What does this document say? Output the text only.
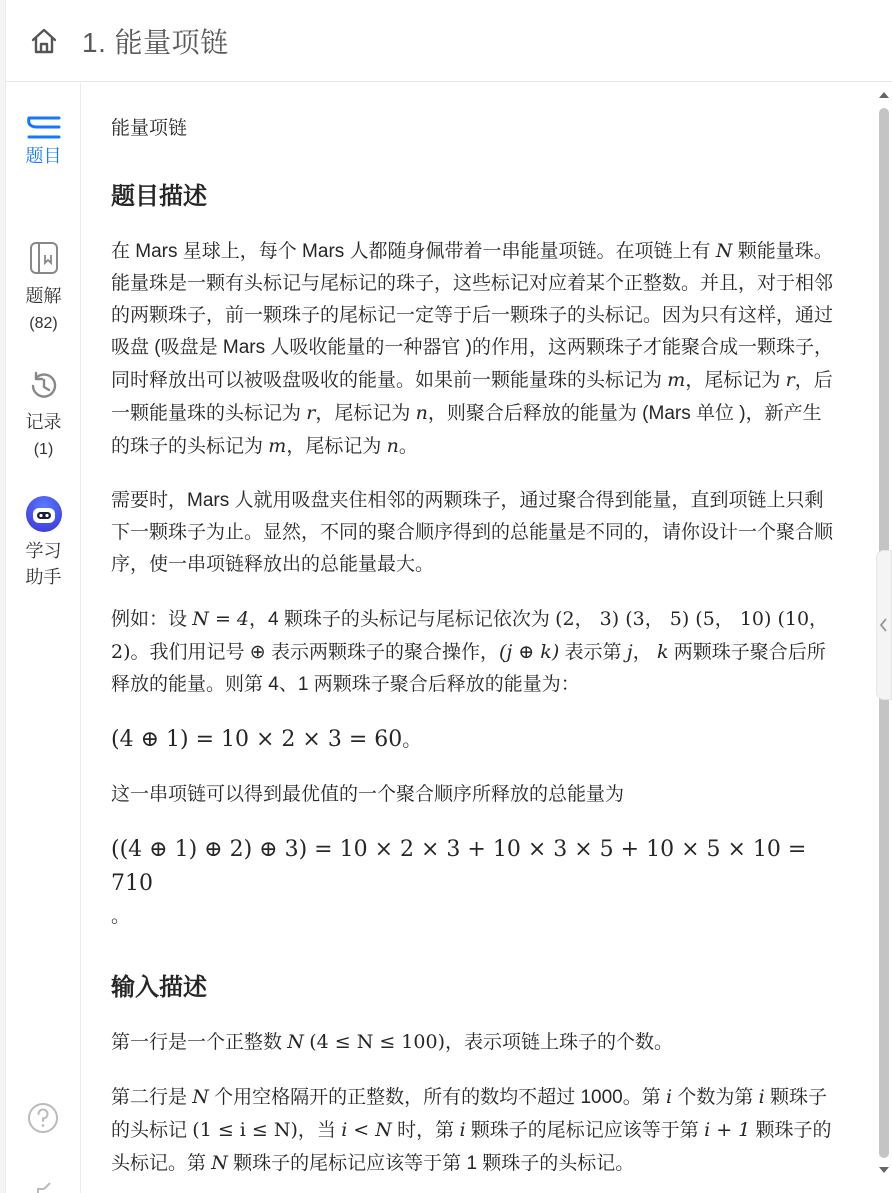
1. 能量项链
题目
题解
(82)
记录
(1)
学习
助手
能量项链
题目描述

在 Mars 星球上，每个 Mars 人都随身佩带着一串能量项链。在项链上有 N 颗能量珠。能量珠是一颗有头标记与尾标记的珠子，这些标记对应着某个正整数。并且，对于相邻的两颗珠子，前一颗珠子的尾标记一定等于后一颗珠子的头标记。因为只有这样，通过吸盘 (吸盘是 Mars 人吸收能量的一种器官 )的作用，这两颗珠子才能聚合成一颗珠子，同时释放出可以被吸盘吸收的能量。如果前一颗能量珠的头标记为 m，尾标记为 r，后一颗能量珠的头标记为 r，尾标记为 n，则聚合后释放的能量为 (Mars 单位 )，新产生的珠子的头标记为 m，尾标记为 n。

需要时，Mars 人就用吸盘夹住相邻的两颗珠子，通过聚合得到能量，直到项链上只剩下一颗珠子为止。显然，不同的聚合顺序得到的总能量是不同的，请你设计一个聚合顺序，使一串项链释放出的总能量最大。

例如：设 N = 4，4 颗珠子的头标记与尾标记依次为 (2， 3) (3， 5) (5， 10) (10， 2)。我们用记号 ⊕ 表示两颗珠子的聚合操作，(j ⊕ k) 表示第 j， k 两颗珠子聚合后所释放的能量。则第 4、1 两颗珠子聚合后释放的能量为：

(4 ⊕ 1) = 10 × 2 × 3 = 60。

这一串项链可以得到最优值的一个聚合顺序所释放的总能量为

((4 ⊕ 1) ⊕ 2) ⊕ 3) = 10 × 2 × 3 + 10 × 3 × 5 + 10 × 5 × 10 = 710
。

输入描述

第一行是一个正整数 N (4 ≤ N ≤ 100)，表示项链上珠子的个数。

第二行是 N 个用空格隔开的正整数，所有的数均不超过 1000。第 i 个数为第 i 颗珠子的头标记 (1 ≤ i ≤ N)，当 i < N 时，第 i 颗珠子的尾标记应该等于第 i + 1 颗珠子的头标记。第 N 颗珠子的尾标记应该等于第 1 颗珠子的头标记。
